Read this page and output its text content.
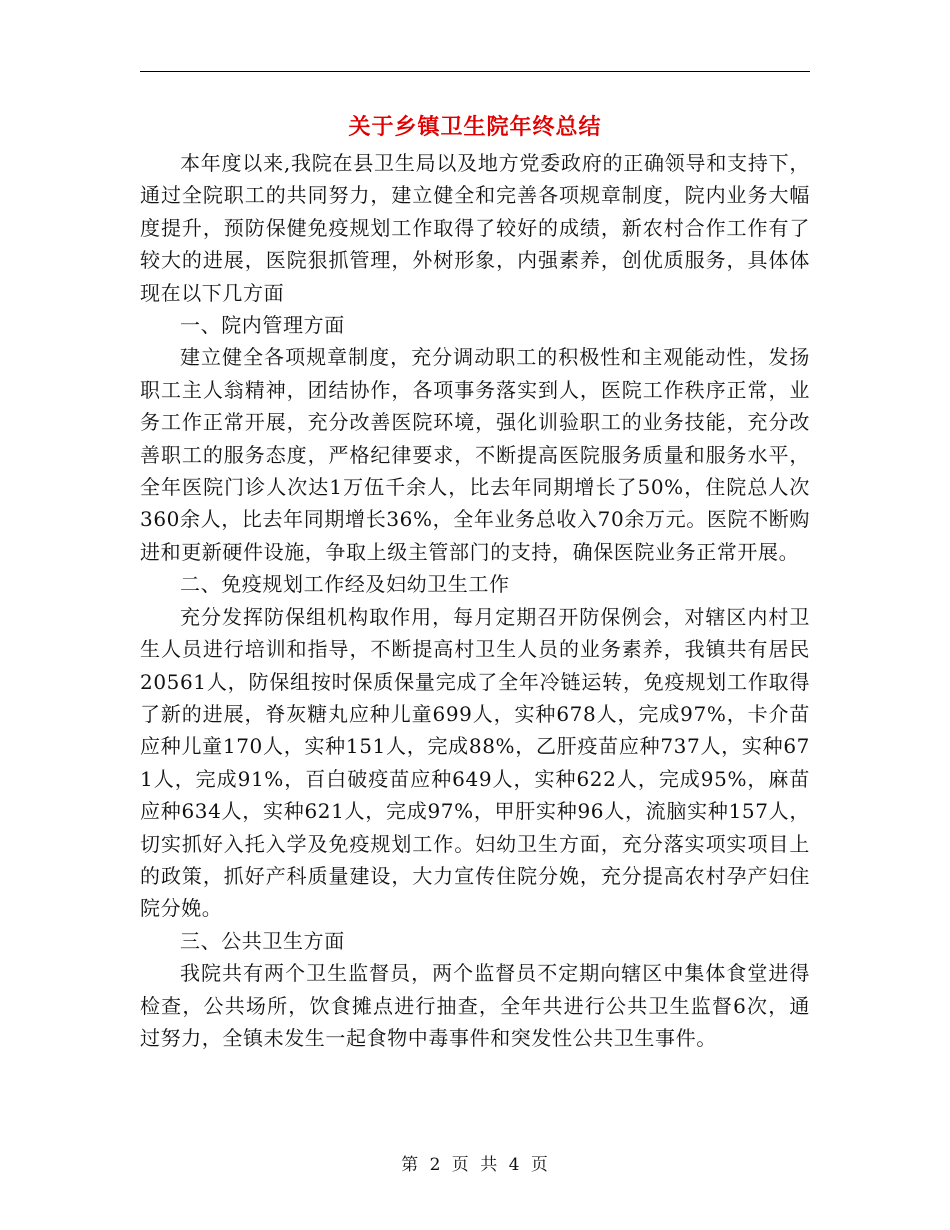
关于乡镇卫生院年终总结

本年度以来,我院在县卫生局以及地方党委政府的正确领导和支持下，通过全院职工的共同努力，建立健全和完善各项规章制度，院内业务大幅度提升，预防保健免疫规划工作取得了较好的成绩，新农村合作工作有了较大的进展，医院狠抓管理，外树形象，内强素养，创优质服务，具体体现在以下几方面

一、院内管理方面

建立健全各项规章制度，充分调动职工的积极性和主观能动性，发扬职工主人翁精神，团结协作，各项事务落实到人，医院工作秩序正常，业务工作正常开展，充分改善医院环境，强化训验职工的业务技能，充分改善职工的服务态度，严格纪律要求，不断提高医院服务质量和服务水平，全年医院门诊人次达1万伍千余人，比去年同期增长了50%，住院总人次360余人，比去年同期增长36%，全年业务总收入70余万元。医院不断购进和更新硬件设施，争取上级主管部门的支持，确保医院业务正常开展。

二、免疫规划工作经及妇幼卫生工作

充分发挥防保组机构取作用，每月定期召开防保例会，对辖区内村卫生人员进行培训和指导，不断提高村卫生人员的业务素养，我镇共有居民20561人，防保组按时保质保量完成了全年冷链运转，免疫规划工作取得了新的进展，脊灰糖丸应种儿童699人，实种678人，完成97%，卡介苗应种儿童170人，实种151人，完成88%，乙肝疫苗应种737人，实种671人，完成91%，百白破疫苗应种649人，实种622人，完成95%，麻苗应种634人，实种621人，完成97%，甲肝实种96人，流脑实种157人，切实抓好入托入学及免疫规划工作。妇幼卫生方面，充分落实项实项目上的政策，抓好产科质量建设，大力宣传住院分娩，充分提高农村孕产妇住院分娩。

三、公共卫生方面

我院共有两个卫生监督员，两个监督员不定期向辖区中集体食堂进得检查，公共场所，饮食摊点进行抽查，全年共进行公共卫生监督6次，通过努力，全镇未发生一起食物中毒事件和突发性公共卫生事件。

第 2 页 共 4 页
